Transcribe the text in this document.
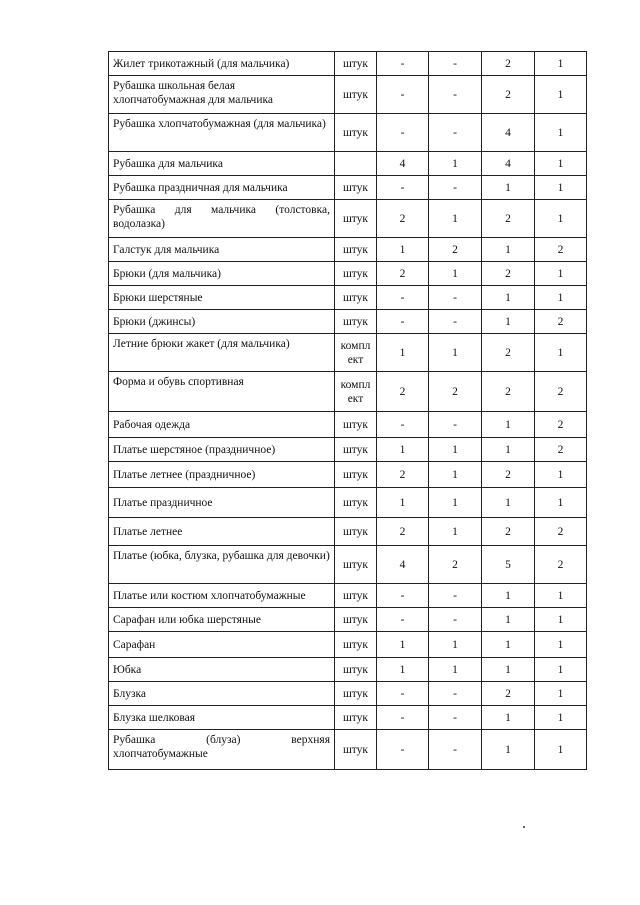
Жилет трикотажный (для мальчика)	штук	-	-	2	1
Рубашка школьная белая хлопчатобумажная для мальчика	штук	-	-	2	1
Рубашка хлопчатобумажная (для мальчика)	штук	-	-	4	1
Рубашка для мальчика		4	1	4	1
Рубашка праздничная для мальчика	штук	-	-	1	1
Рубашка для мальчика (толстовка, водолазка)	штук	2	1	2	1
Галстук для мальчика	штук	1	2	1	2
Брюки (для мальчика)	штук	2	1	2	1
Брюки шерстяные	штук	-	-	1	1
Брюки (джинсы)	штук	-	-	1	2
Летние брюки жакет (для мальчика)	компл ект	1	1	2	1
Форма и обувь спортивная	компл ект	2	2	2	2
Рабочая одежда	штук	-	-	1	2
Платье шерстяное (праздничное)	штук	1	1	1	2
Платье летнее (праздничное)	штук	2	1	2	1
Платье праздничное	штук	1	1	1	1
Платье летнее	штук	2	1	2	2
Платье (юбка, блузка, рубашка для девочки)	штук	4	2	5	2
Платье или костюм хлопчатобумажные	штук	-	-	1	1
Сарафан или юбка шерстяные	штук	-	-	1	1
Сарафан	штук	1	1	1	1
Юбка	штук	1	1	1	1
Блузка	штук	-	-	2	1
Блузка шелковая	штук	-	-	1	1
Рубашка (блуза) верхняя хлопчатобумажные	штук	-	-	1	1
